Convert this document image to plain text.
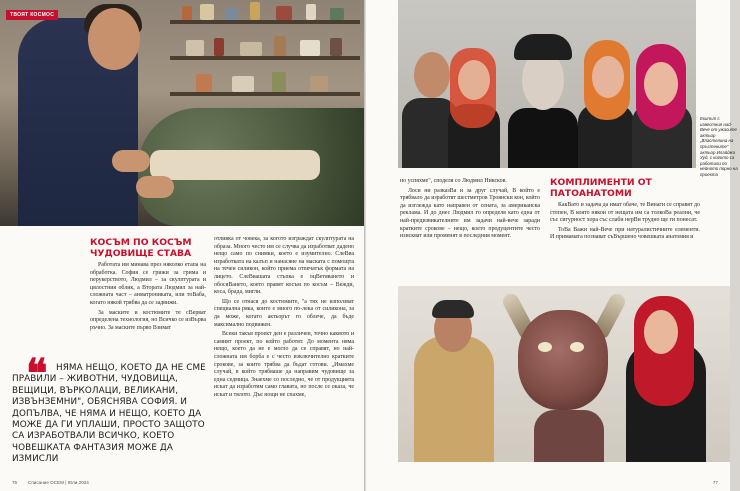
ТВОЯТ КОСМОС
КОСЪМ ПО КОСЪМ
ЧУДОВИЩЕ СТАВА

Работата им минава през няколко етапа на обработка. София се грижи за грима и перукерството, Людмил – за скулптурата и цялостния облик, а Втората Людмил за най-сложната част – анматрониката, или тоВаба, когато някой трябва да се задвижи.

За маските и костюмите те сВерват определена технология, но Всичко се изВърва ръчно. За маските първо Взимат

❝ НЯМА НЕЩО, КОЕТО ДА НЕ СМЕ ПРАВИЛИ – ЖИВОТНИ, ЧУДОВИЩА, ВЕЩИЦИ, ВЪРКОЛАЦИ, ВЕЛИКАНИ, ИЗВЪНЗЕМНИ", ОБЯСНЯВА СОФИЯ. И ДОПЪЛВА, ЧЕ НЯМА И НЕЩО, КОЕТО ДА МОЖЕ ДА ГИ УПЛАШИ, ПРОСТО ЗАЩОТО СА ИЗРАБОТВАЛИ ВСИЧКО, КОЕТО ЧОВЕШКАТА ФАНТАЗИЯ МОЖЕ ДА ИЗМИСЛИ

отливка от човека, за когото изграждат скулптурата на образа. Много често им се случва да изработват дадено нещо само по снимки, което е изумително. СлеВва изработката на калъп и нанасяне на маската с помощта на течен силикон, който приема отпечатък формата на лицето. СлеВвашата стъпка е оцВетяването и обосяВането, което правят косъм по косъм – Вежди, коса, брада, мигли.

Що се отнася до костюмите, "а тях не използват специална ряка, които е много по-лека от силикона, за да може, когато актьорът го облече, да бъде максимално подвижен.

Всеки такъв проект ден е различен, точно каквото и самият проект, по който работят. До момента няма нещо, което да не е могло да се справят, но най-сложната им борба е с често изключително кратките срокове, за които трябва да бъдат готови. „Имахме случай, в който трябваше да направим чудовище за една седмица. Знаехме со последно, че от продукцията искат да изработим само главата, но после се оказа, че искат и тялото. Дъе нощи не спахме,

76 Списание ОСЕМ | Юли 2024
Екипът с известния най-Вече от ужасите актьор „Властелина на пръстените" актьор Илайджа Ууд, с когото са работили по нейното порно на проекта

но успяхме", споделя со Людмил Никсков.

Лоси ни разказВа и за друг случай, В който е трябвало да изработят шестметров Троянски кон, който да изглежда като направен от сената, за американска реклама. И до днес Людмил го определя като една от най-предизвикателните им задачи най-вече заради кратките срокове – нещо, което продуцентите често изискват или променят в последния момент.

КОМПЛИМЕНТИ ОТ
ПАТОАНАТОМИ

КакВато и задача да имат обаче, те Винаги се справят до степен, В която някои от нещата им са толкоВа реални, че със сигурност хора със слаби нерВи трудно ще ги понесат.

ТоВа Важи най-Вече при натуралистичните елементи. И примамата познават съВършено човешката анатомия и

77
